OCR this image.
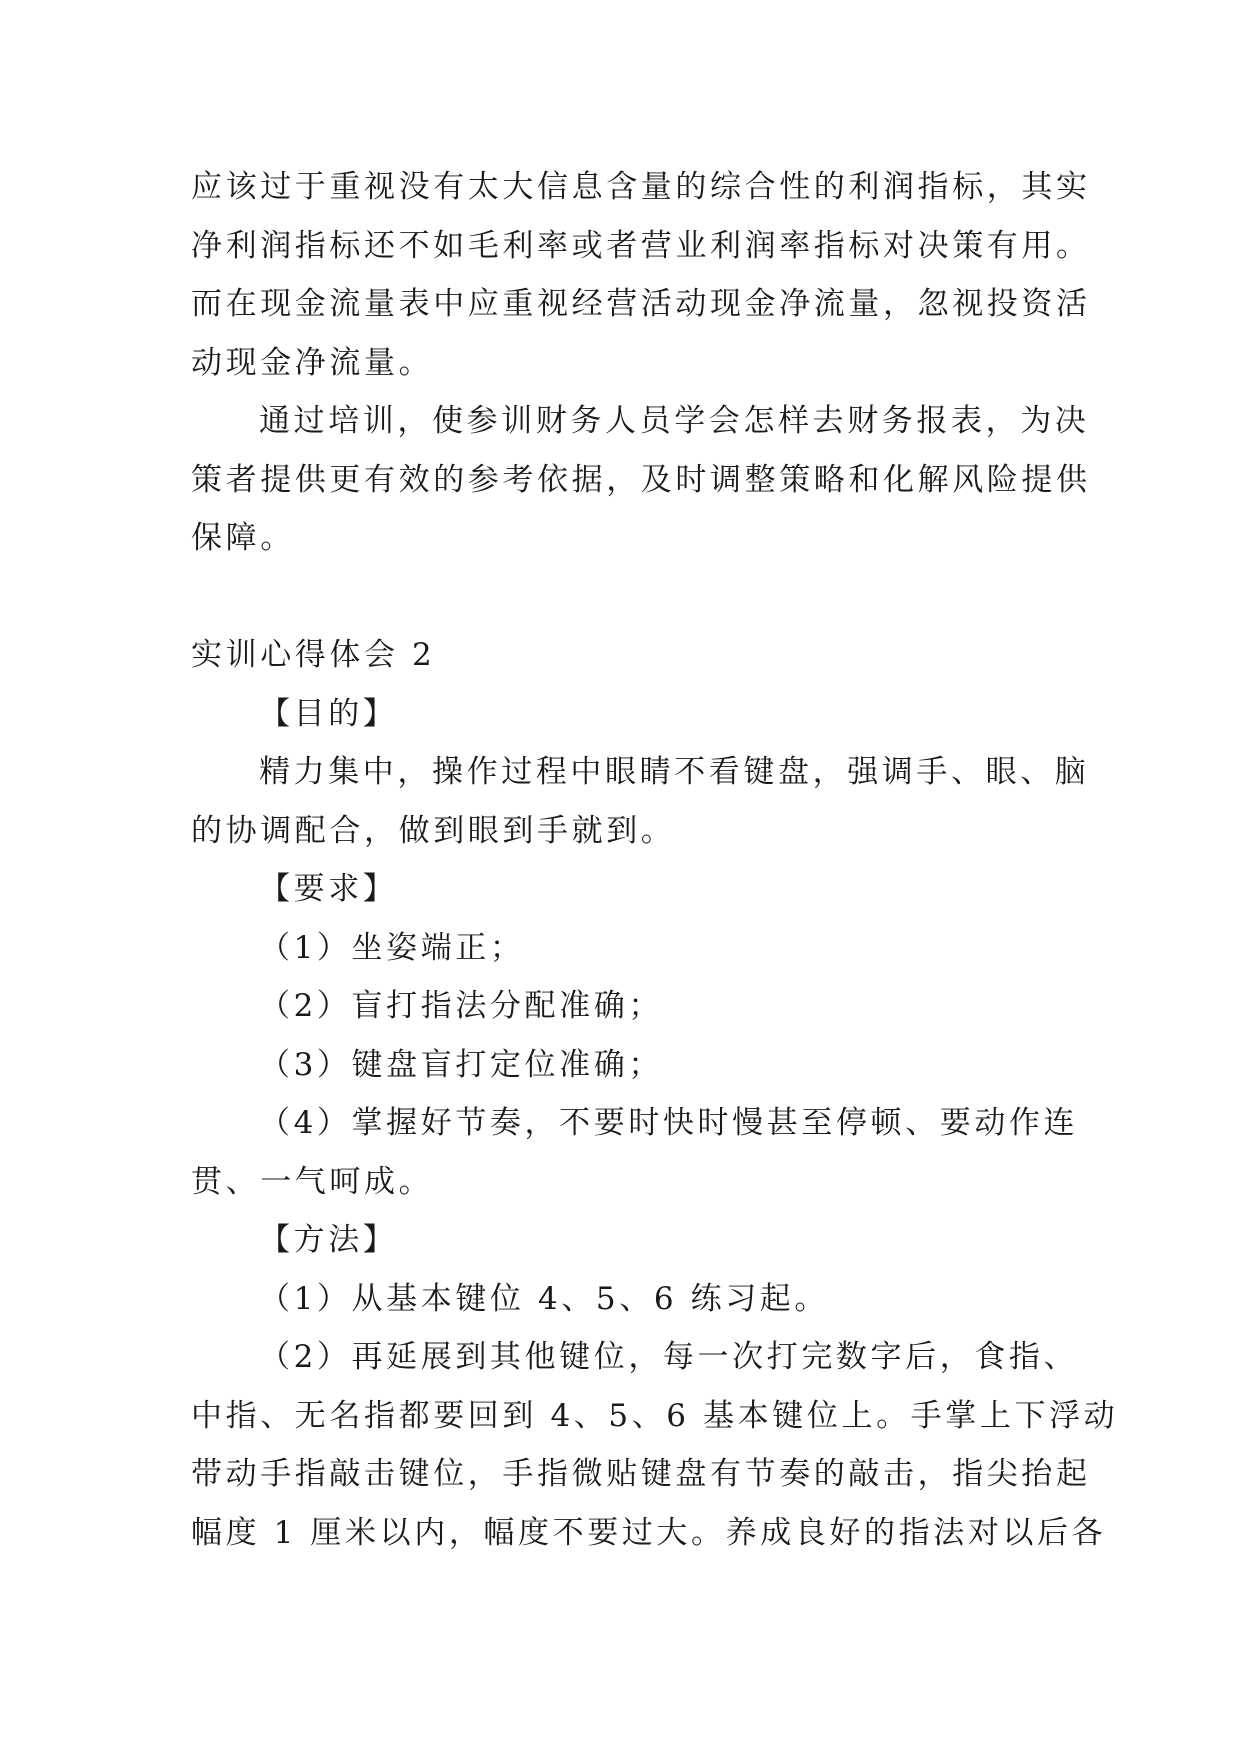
应该过于重视没有太大信息含量的综合性的利润指标，其实
净利润指标还不如毛利率或者营业利润率指标对决策有用。
而在现金流量表中应重视经营活动现金净流量，忽视投资活
动现金净流量。
通过培训，使参训财务人员学会怎样去财务报表，为决
策者提供更有效的参考依据，及时调整策略和化解风险提供
保障。
实训心得体会 2
【目的】
精力集中，操作过程中眼睛不看键盘，强调手、眼、脑
的协调配合，做到眼到手就到。
【要求】
（1）坐姿端正；
（2）盲打指法分配准确；
（3）键盘盲打定位准确；
（4）掌握好节奏，不要时快时慢甚至停顿、要动作连
贯、一气呵成。
【方法】
（1）从基本键位 4、5、6 练习起。
（2）再延展到其他键位，每一次打完数字后，食指、
中指、无名指都要回到 4、5、6 基本键位上。手掌上下浮动
带动手指敲击键位，手指微贴键盘有节奏的敲击，指尖抬起
幅度 1 厘米以内，幅度不要过大。养成良好的指法对以后各
